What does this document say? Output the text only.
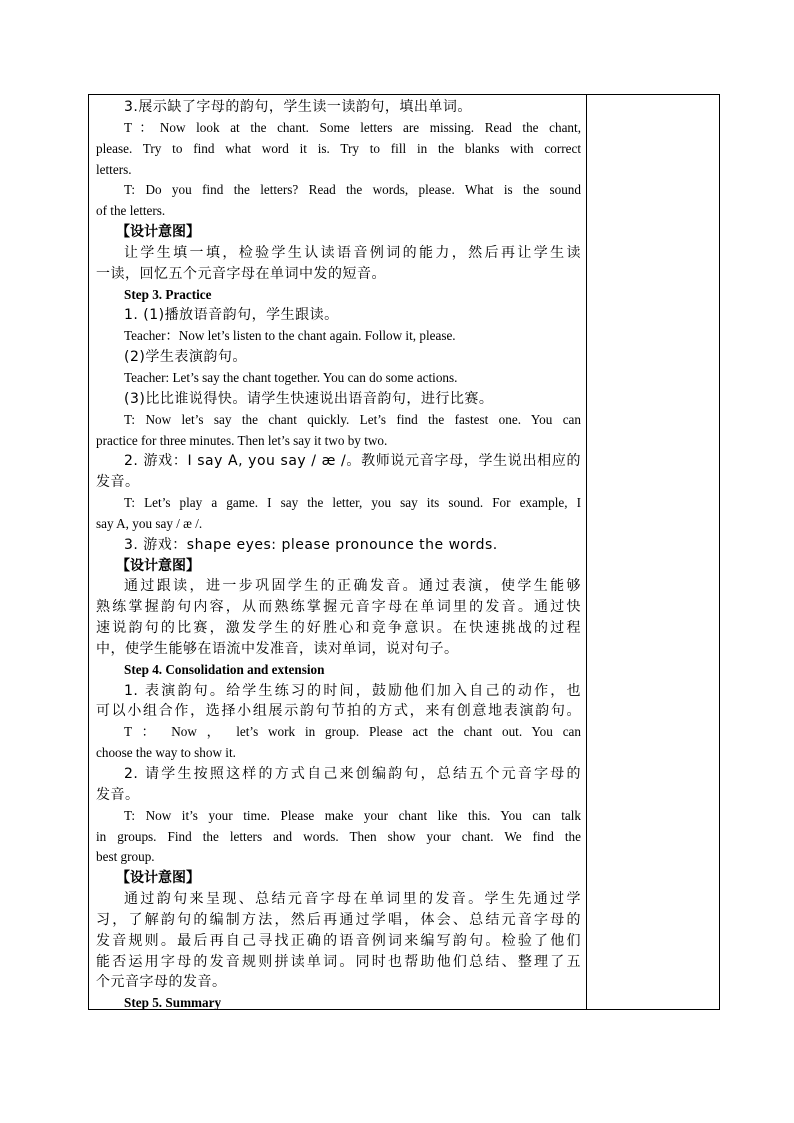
3.展示缺了字母的韵句，学生读一读韵句，填出单词。
T：Now look at the chant. Some letters are missing. Read the chant,
please. Try to find what word it is. Try to fill in the blanks with correct
letters.
T: Do you find the letters? Read the words, please. What is the sound
of the letters.
【设计意图】
让学生填一填，检验学生认读语音例词的能力，然后再让学生读
一读，回忆五个元音字母在单词中发的短音。
Step 3. Practice
1. (1)播放语音韵句，学生跟读。
Teacher：Now let’s listen to the chant again. Follow it, please.
(2)学生表演韵句。
Teacher: Let’s say the chant together. You can do some actions.
(3)比比谁说得快。请学生快速说出语音韵句，进行比赛。
T: Now let’s say the chant quickly. Let’s find the fastest one. You can
practice for three minutes. Then let’s say it two by two.
2. 游戏：I say A, you say / æ /。教师说元音字母，学生说出相应的
发音。
T: Let’s play a game. I say the letter, you say its sound. For example, I
say A, you say / æ /.
3. 游戏：shape eyes: please pronounce the words.
【设计意图】
通过跟读，进一步巩固学生的正确发音。通过表演，使学生能够
熟练掌握韵句内容，从而熟练掌握元音字母在单词里的发音。通过快
速说韵句的比赛，激发学生的好胜心和竞争意识。在快速挑战的过程
中，使学生能够在语流中发准音，读对单词，说对句子。
Step 4. Consolidation and extension
1. 表演韵句。给学生练习的时间，鼓励他们加入自己的动作，也
可以小组合作，选择小组展示韵句节拍的方式，来有创意地表演韵句。
T ： Now ， let’s work in group. Please act the chant out. You can
choose the way to show it.
2. 请学生按照这样的方式自己来创编韵句，总结五个元音字母的
发音。
T: Now it’s your time. Please make your chant like this. You can talk
in groups. Find the letters and words. Then show your chant. We find the
best group.
【设计意图】
通过韵句来呈现、总结元音字母在单词里的发音。学生先通过学
习，了解韵句的编制方法，然后再通过学唱，体会、总结元音字母的
发音规则。最后再自己寻找正确的语音例词来编写韵句。检验了他们
能否运用字母的发音规则拼读单词。同时也帮助他们总结、整理了五
个元音字母的发音。
Step 5. Summary
